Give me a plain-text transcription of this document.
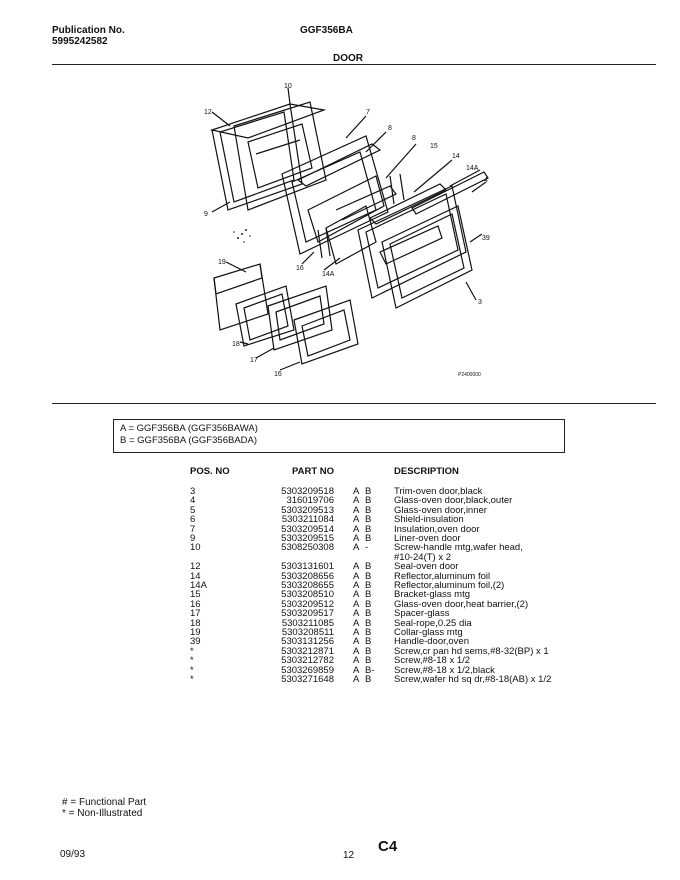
Publication No.
5995242582
GGF356BA
DOOR
10
12	7
8
8
15
14A
14
4
9
39
19
14A
16
3
18
17
16	P2400000
A = GGF356BA (GGF356BAWA)
B = GGF356BA (GGF356BADA)
POS. NO	PART NO	DESCRIPTION
3	5303209518 A B Trim-oven door,black
4	316019706 A B Glass-oven door,black,outer
5	5303209513 A B Glass-oven door,inner
6	5303211084 A B Shield-insulation
7	5303209514 A B Insulation,oven door
9	5303209515 A B Liner-oven door
10	5308250308 A -	Screw-handle mtg,wafer head,
#10-24(T) x 2
12	5303131601 A B Seal-oven door
14	5303208656 A B Reflector,aluminum foil
14A	5303208655 A B Reflector,aluminum foil,(2)
15	5303208510 A B Bracket-glass mtg
16	5303209512 A B Glass-oven door,heat barrier,(2)
17	5303209517 A B Spacer-glass
18	5303211085 A B Seal-rope,0.25 dia
19	5303208511 A B Collar-glass mtg
39	5303131256 A B Handle-door,oven
*	5303212871 A B Screw,cr pan hd sems,#8-32(BP) x 1
*	5303212782 A B Screw,#8-18 x 1/2
*	5303269859 A B- Screw,#8-18 x 1/2,black
*	5303271648 A B Screw,wafer hd sq dr,#8-18(AB) x 1/2
# = Functional Part
* = Non-Illustrated
09/93	12
C4
